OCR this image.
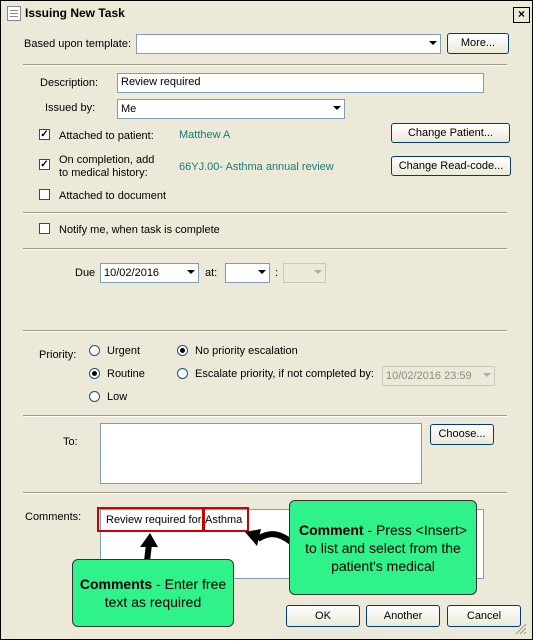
Issuing New Task	×
Based upon template:	More...
Description:	Review required
Issued by: Me
✓ Attached to patient: Matthew A	Change Patient...
✓ On completion, add
to medical history:	66YJ.00- Asthma annual review	Change Read-code...
Attached to document
Notify me, when task is complete
Due 10/02/2016	at:	:
Priority:	Urgent
Routine
Low
No priority escalation
Escalate priority, if not completed by: 10/02/2016 23:59
To:
Choose...
Comments: Review required for Asthma
Comment - Press <Insert> to list and select from the patient's medical
Comments - Enter free text as required
OK	Another	Cancel
